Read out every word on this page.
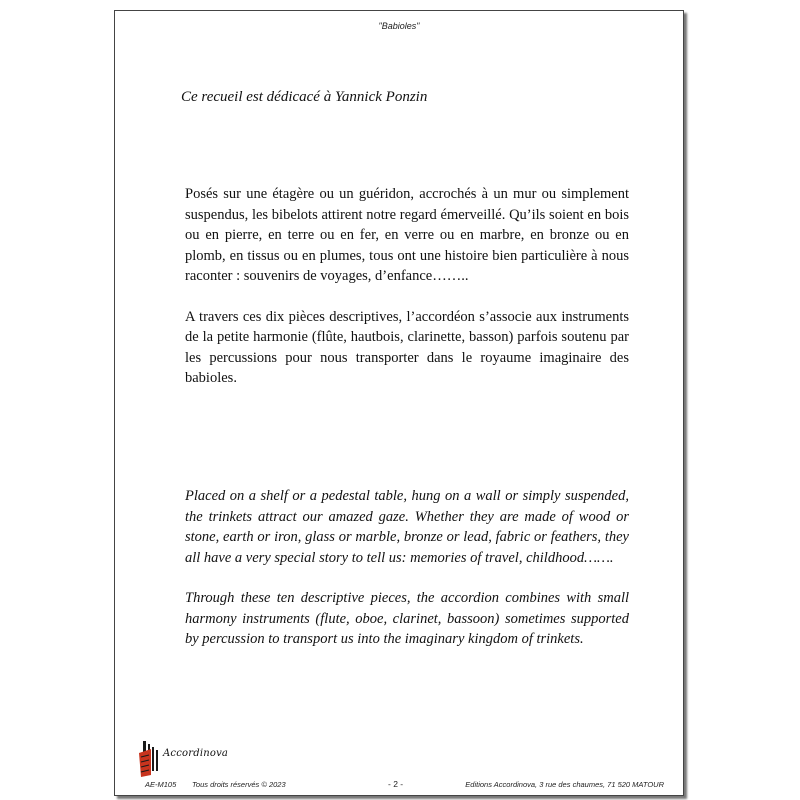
"Babioles"
Ce recueil est dédicacé à Yannick Ponzin

Posés sur une étagère ou un guéridon, accrochés à un mur ou simplement suspendus, les bibelots attirent notre regard émerveillé. Qu’ils soient en bois ou en pierre, en terre ou en fer, en verre ou en marbre, en bronze ou en plomb, en tissus ou en plumes, tous ont une histoire bien particulière à nous raconter : souvenirs de voyages, d’enfance……..

A travers ces dix pièces descriptives, l’accordéon s’associe aux instruments de la petite harmonie (flûte, hautbois, clarinette, basson) parfois soutenu par les percussions pour nous transporter dans le royaume imaginaire des babioles.

Placed on a shelf or a pedestal table, hung on a wall or simply suspended, the trinkets attract our amazed gaze. Whether they are made of wood or stone, earth or iron, glass or marble, bronze or lead, fabric or feathers, they all have a very special story to tell us: memories of travel, childhood…….

Through these ten descriptive pieces, the accordion combines with small harmony instruments (flute, oboe, clarinet, bassoon) sometimes supported by percussion to transport us into the imaginary kingdom of trinkets.

Accordinova
AE-M105 Tous droits réservés © 2023	- 2 -	Editions Accordinova, 3 rue des chaumes, 71 520 MATOUR
